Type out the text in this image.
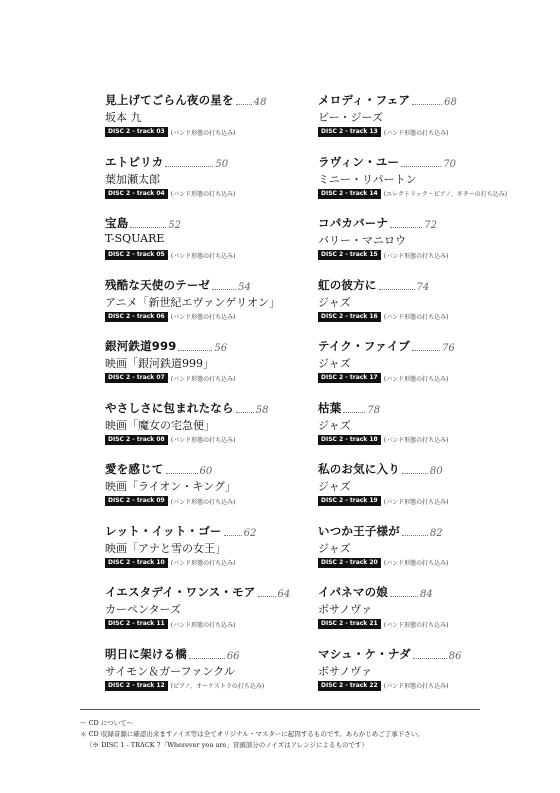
見上げてごらん夜の星を 48
坂本 九
DISC 2 - track 03	(バンド形態の打ち込み)
エトピリカ	50
葉加瀬太郎
DISC 2 - track 04	(バンド形態の打ち込み)
宝島	52
T-SQUARE
DISC 2 - track 05	(バンド形態の打ち込み)
残酷な天使のテーゼ	54
アニメ「新世紀エヴァンゲリオン」
DISC 2 - track 06	(バンド形態の打ち込み)
銀河鉄道999	56
映画「銀河鉄道999」
DISC 2 - track 07	(バンド形態の打ち込み)
やさしさに包まれたなら 58
映画「魔女の宅急便」
DISC 2 - track 08	(バンド形態の打ち込み)
愛を感じて	60
映画「ライオン・キング」
DISC 2 - track 09	(バンド形態の打ち込み)
レット・イット・ゴー 62
映画「アナと雪の女王」
DISC 2 - track 10	(バンド形態の打ち込み)
イエスタデイ・ワンス・モア 64
カーペンターズ
DISC 2 - track 11	(バンド形態の打ち込み)
明日に架ける橋	66
サイモン＆ガーファンクル
DISC 2 - track 12	(ピアノ、オーケストラの打ち込み)
メロディ・フェア	68
ビー・ジーズ
DISC 2 - track 13	(バンド形態の打ち込み)
ラヴィン・ユー	70
ミニー・リパートン
DISC 2 - track 14	(エレクトリック・ピアノ、ギターの打ち込み)
コパカバーナ	72
バリー・マニロウ
DISC 2 - track 15	(バンド形態の打ち込み)
虹の彼方に	74
ジャズ
DISC 2 - track 16	(バンド形態の打ち込み)
テイク・ファイブ	76
ジャズ
DISC 2 - track 17	(バンド形態の打ち込み)
枯葉	78
ジャズ
DISC 2 - track 18	(バンド形態の打ち込み)
私のお気に入り	80
ジャズ
DISC 2 - track 19	(バンド形態の打ち込み)
いつか王子様が	82
ジャズ
DISC 2 - track 20	(バンド形態の打ち込み)
イパネマの娘	84
ボサノヴァ
DISC 2 - track 21	(バンド形態の打ち込み)
マシュ・ケ・ナダ	86
ボサノヴァ
DISC 2 - track 22	(バンド形態の打ち込み)
～ CD について～
＊ CD 収録音源に確認出来ますノイズ等は全てオリジナル・マスターに起因するものです。あらかじめご了承下さい。
（※ DISC 1 - TRACK 7「Wherever you are」冒頭部分のノイズはアレンジによるものです）
